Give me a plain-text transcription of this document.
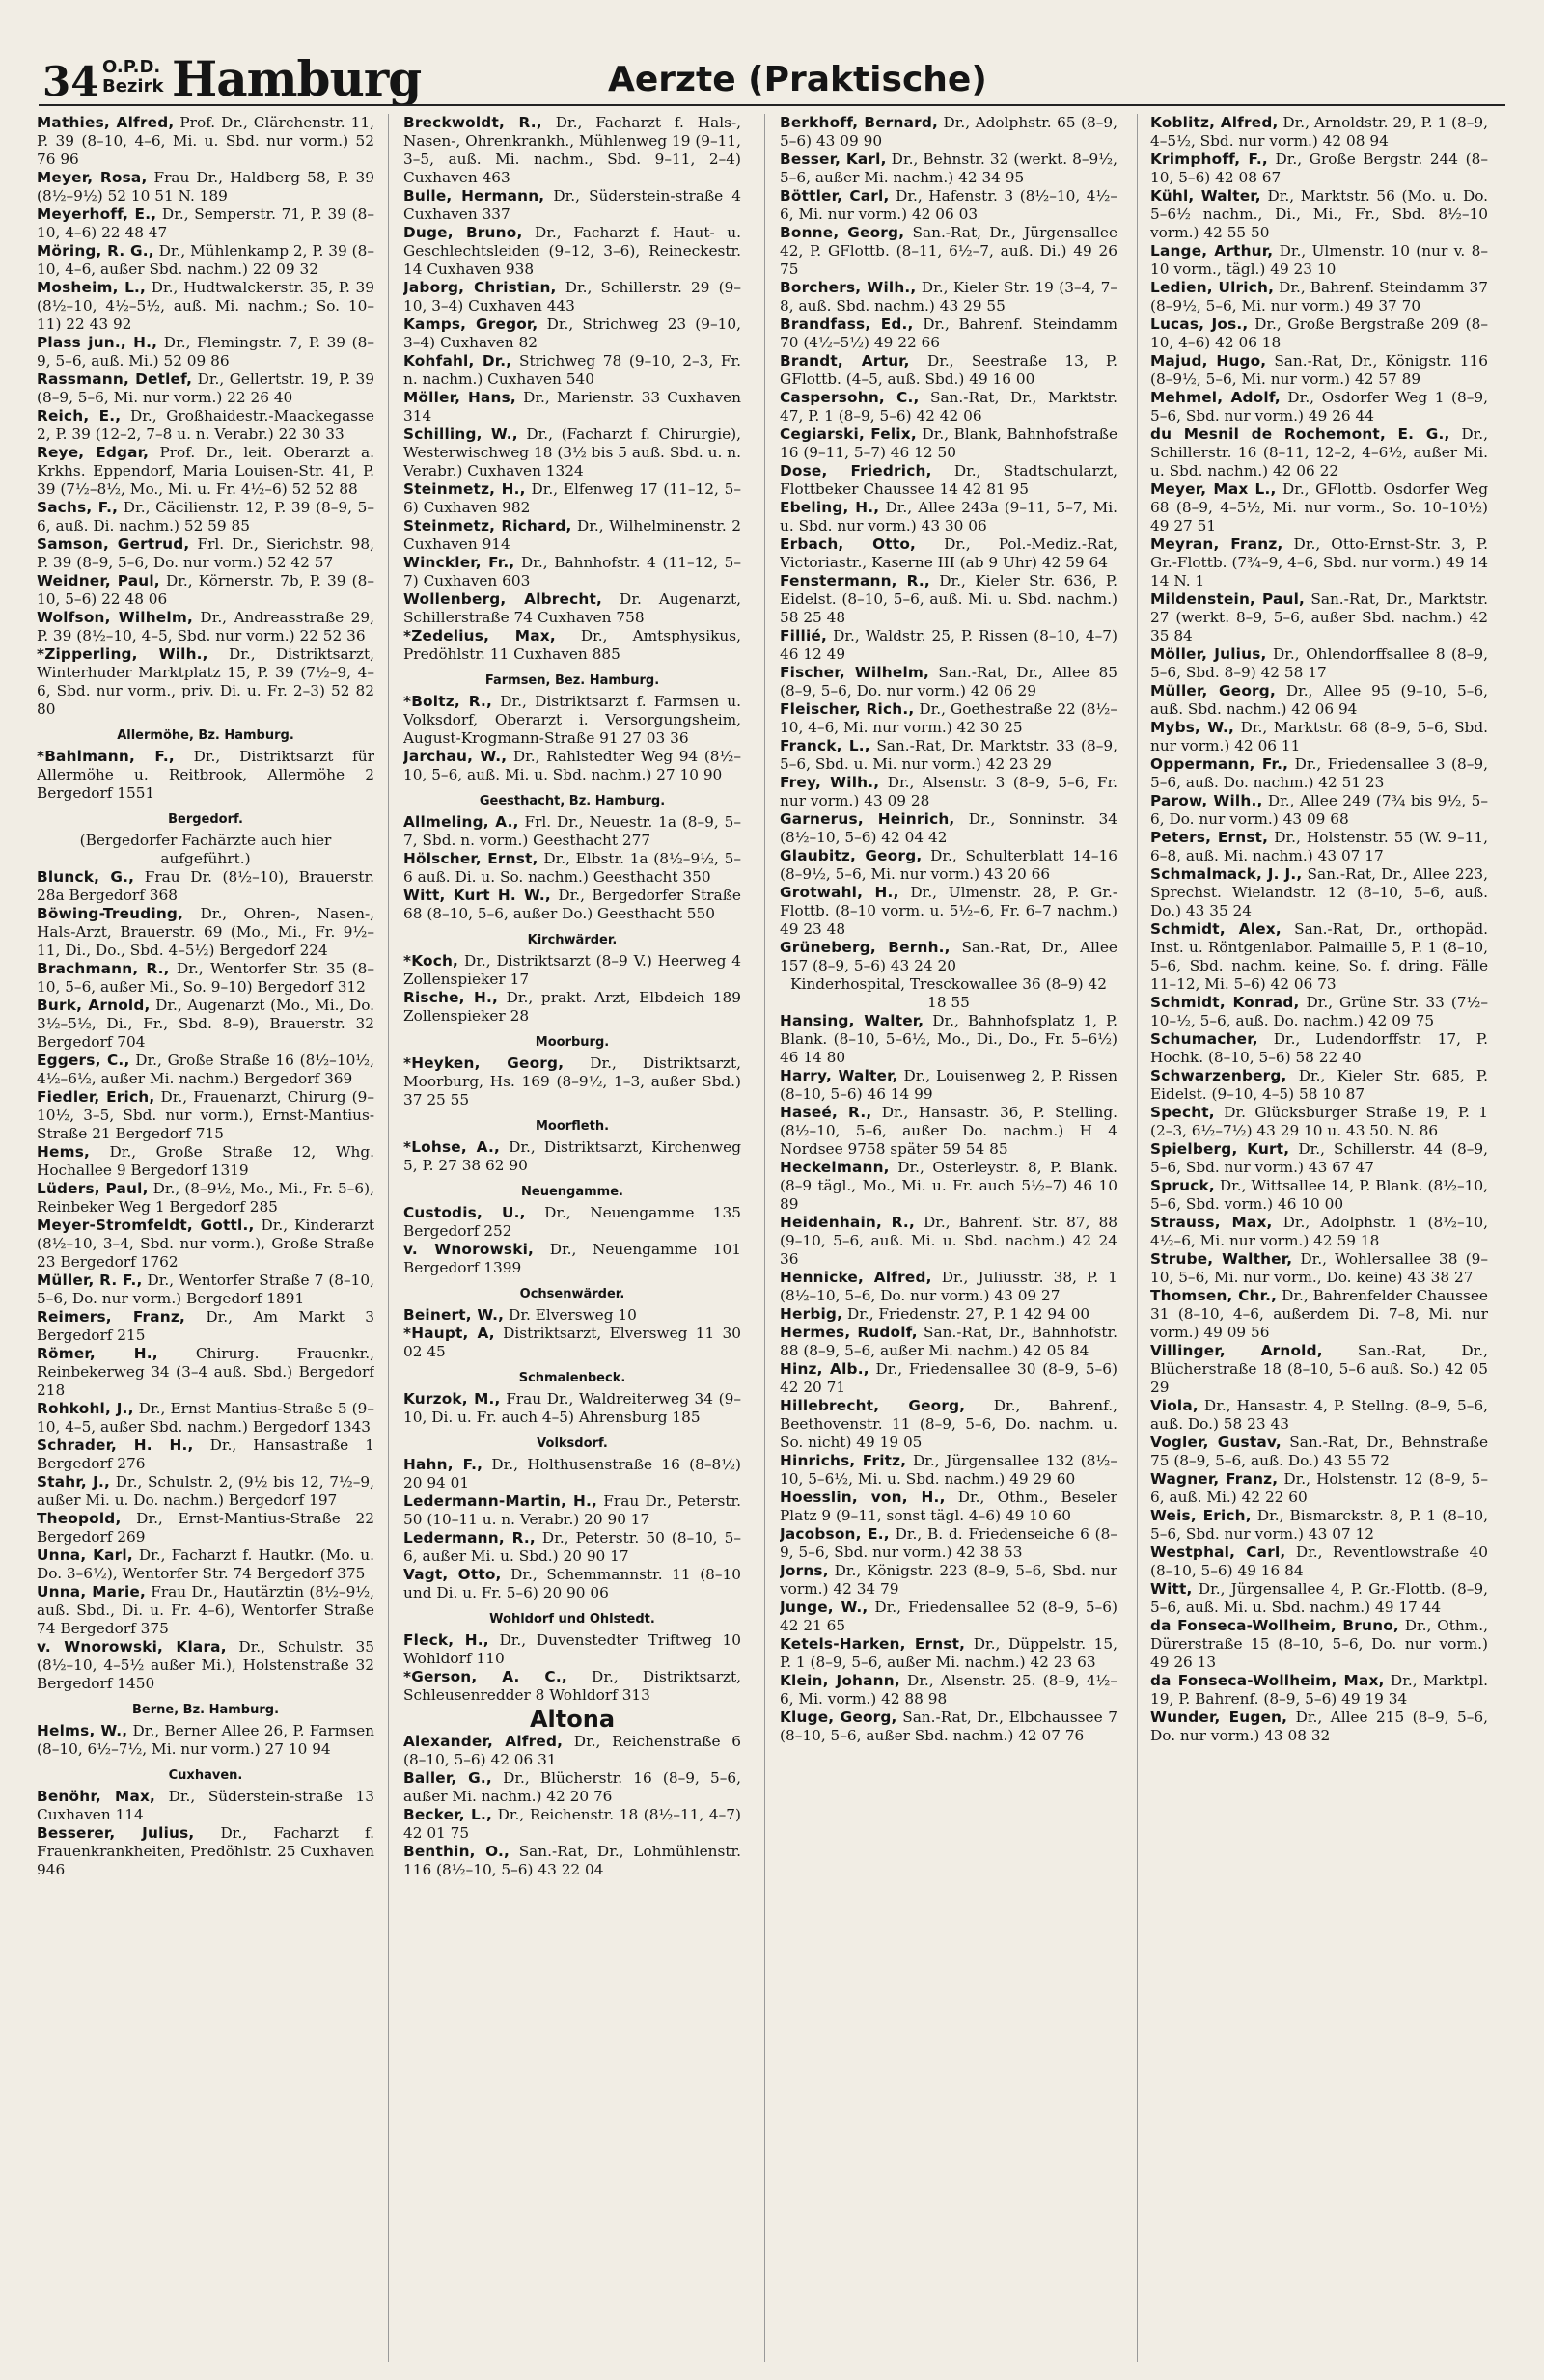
34 O.P.D.
Bezirk Hamburg	Aerzte (Praktische)

Mathies, Alfred, Prof. Dr., Clärchenstr. 11, P. 39 (8–10, 4–6, Mi. u. Sbd. nur vorm.) 52 76 96

Meyer, Rosa, Frau Dr., Haldberg 58, P. 39 (8½–9½) 52 10 51 N. 189

Meyerhoff, E., Dr., Semperstr. 71, P. 39 (8–10, 4–6) 22 48 47

Möring, R. G., Dr., Mühlenkamp 2, P. 39 (8–10, 4–6, außer Sbd. nachm.) 22 09 32

Mosheim, L., Dr., Hudtwalckerstr. 35, P. 39 (8½–10, 4½–5½, auß. Mi. nachm.; So. 10–11) 22 43 92

Plass jun., H., Dr., Flemingstr. 7, P. 39 (8–9, 5–6, auß. Mi.) 52 09 86

Rassmann, Detlef, Dr., Gellertstr. 19, P. 39 (8–9, 5–6, Mi. nur vorm.) 22 26 40

Reich, E., Dr., Großhaidestr.-Maackegasse 2, P. 39 (12–2, 7–8 u. n. Verabr.) 22 30 33

Reye, Edgar, Prof. Dr., leit. Oberarzt a. Krkhs. Eppendorf, Maria Louisen-Str. 41, P. 39 (7½–8½, Mo., Mi. u. Fr. 4½–6) 52 52 88

Sachs, F., Dr., Cäcilienstr. 12, P. 39 (8–9, 5–6, auß. Di. nachm.) 52 59 85

Samson, Gertrud, Frl. Dr., Sierichstr. 98, P. 39 (8–9, 5–6, Do. nur vorm.) 52 42 57

Weidner, Paul, Dr., Körnerstr. 7b, P. 39 (8–10, 5–6) 22 48 06

Wolfson, Wilhelm, Dr., Andreasstraße 29, P. 39 (8½–10, 4–5, Sbd. nur vorm.) 22 52 36

*Zipperling, Wilh., Dr., Distriktsarzt, Winterhuder Marktplatz 15, P. 39 (7½–9, 4–6, Sbd. nur vorm., priv. Di. u. Fr. 2–3) 52 82 80

Allermöhe, Bz. Hamburg.

*Bahlmann, F., Dr., Distriktsarzt für Allermöhe u. Reitbrook, Allermöhe 2 Bergedorf 1551

Bergedorf.
(Bergedorfer Fachärzte auch hier aufgeführt.)

Blunck, G., Frau Dr. (8½–10), Brauerstr. 28a Bergedorf 368

Böwing-Treuding, Dr., Ohren-, Nasen-, Hals-Arzt, Brauerstr. 69 (Mo., Mi., Fr. 9½–11, Di., Do., Sbd. 4–5½) Bergedorf 224

Brachmann, R., Dr., Wentorfer Str. 35 (8–10, 5–6, außer Mi., So. 9–10) Bergedorf 312

Burk, Arnold, Dr., Augenarzt (Mo., Mi., Do. 3½–5½, Di., Fr., Sbd. 8–9), Brauerstr. 32 Bergedorf 704

Eggers, C., Dr., Große Straße 16 (8½–10½, 4½–6½, außer Mi. nachm.) Bergedorf 369

Fiedler, Erich, Dr., Frauenarzt, Chirurg (9–10½, 3–5, Sbd. nur vorm.), Ernst-Mantius-Straße 21 Bergedorf 715

Hems, Dr., Große Straße 12, Whg. Hochallee 9 Bergedorf 1319

Lüders, Paul, Dr., (8–9½, Mo., Mi., Fr. 5–6), Reinbeker Weg 1 Bergedorf 285

Meyer-Stromfeldt, Gottl., Dr., Kinderarzt (8½–10, 3–4, Sbd. nur vorm.), Große Straße 23 Bergedorf 1762

Müller, R. F., Dr., Wentorfer Straße 7 (8–10, 5–6, Do. nur vorm.) Bergedorf 1891

Reimers, Franz, Dr., Am Markt 3 Bergedorf 215

Römer, H., Chirurg. Frauenkr., Reinbekerweg 34 (3–4 auß. Sbd.) Bergedorf 218

Rohkohl, J., Dr., Ernst Mantius-Straße 5 (9–10, 4–5, außer Sbd. nachm.) Bergedorf 1343

Schrader, H. H., Dr., Hansastraße 1 Bergedorf 276

Stahr, J., Dr., Schulstr. 2, (9½ bis 12, 7½–9, außer Mi. u. Do. nachm.) Bergedorf 197

Theopold, Dr., Ernst-Mantius-Straße 22 Bergedorf 269

Unna, Karl, Dr., Facharzt f. Hautkr. (Mo. u. Do. 3–6½), Wentorfer Str. 74 Bergedorf 375

Unna, Marie, Frau Dr., Hautärztin (8½–9½, auß. Sbd., Di. u. Fr. 4–6), Wentorfer Straße 74 Bergedorf 375

v. Wnorowski, Klara, Dr., Schulstr. 35 (8½–10, 4–5½ außer Mi.), Holstenstraße 32 Bergedorf 1450

Berne, Bz. Hamburg.

Helms, W., Dr., Berner Allee 26, P. Farmsen (8–10, 6½–7½, Mi. nur vorm.) 27 10 94

Cuxhaven.

Benöhr, Max, Dr., Süderstein-straße 13 Cuxhaven 114

Besserer, Julius, Dr., Facharzt f. Frauenkrankheiten, Predöhlstr. 25 Cuxhaven 946

Breckwoldt, R., Dr., Facharzt f. Hals-, Nasen-, Ohrenkrankh., Mühlenweg 19 (9–11, 3–5, auß. Mi. nachm., Sbd. 9–11, 2–4) Cuxhaven 463

Bulle, Hermann, Dr., Süderstein-straße 4 Cuxhaven 337

Duge, Bruno, Dr., Facharzt f. Haut- u. Geschlechtsleiden (9–12, 3–6), Reineckestr. 14 Cuxhaven 938

Jaborg, Christian, Dr., Schillerstr. 29 (9–10, 3–4) Cuxhaven 443

Kamps, Gregor, Dr., Strichweg 23 (9–10, 3–4) Cuxhaven 82

Kohfahl, Dr., Strichweg 78 (9–10, 2–3, Fr. n. nachm.) Cuxhaven 540

Möller, Hans, Dr., Marienstr. 33 Cuxhaven 314

Schilling, W., Dr., (Facharzt f. Chirurgie), Westerwischweg 18 (3½ bis 5 auß. Sbd. u. n. Verabr.) Cuxhaven 1324

Steinmetz, H., Dr., Elfenweg 17 (11–12, 5–6) Cuxhaven 982

Steinmetz, Richard, Dr., Wilhelminenstr. 2 Cuxhaven 914

Winckler, Fr., Dr., Bahnhofstr. 4 (11–12, 5–7) Cuxhaven 603

Wollenberg, Albrecht, Dr. Augenarzt, Schillerstraße 74 Cuxhaven 758

*Zedelius, Max, Dr., Amtsphysikus, Predöhlstr. 11 Cuxhaven 885

Farmsen, Bez. Hamburg.

*Boltz, R., Dr., Distriktsarzt f. Farmsen u. Volksdorf, Oberarzt i. Versorgungsheim, August-Krogmann-Straße 91 27 03 36

Jarchau, W., Dr., Rahlstedter Weg 94 (8½–10, 5–6, auß. Mi. u. Sbd. nachm.) 27 10 90

Geesthacht, Bz. Hamburg.

Allmeling, A., Frl. Dr., Neuestr. 1a (8–9, 5–7, Sbd. n. vorm.) Geesthacht 277

Hölscher, Ernst, Dr., Elbstr. 1a (8½–9½, 5–6 auß. Di. u. So. nachm.) Geesthacht 350

Witt, Kurt H. W., Dr., Bergedorfer Straße 68 (8–10, 5–6, außer Do.) Geesthacht 550

Kirchwärder.

*Koch, Dr., Distriktsarzt (8–9 V.) Heerweg 4 Zollenspieker 17

Rische, H., Dr., prakt. Arzt, Elbdeich 189 Zollenspieker 28

Moorburg.

*Heyken, Georg, Dr., Distriktsarzt, Moorburg, Hs. 169 (8–9½, 1–3, außer Sbd.) 37 25 55

Moorfleth.

*Lohse, A., Dr., Distriktsarzt, Kirchenweg 5, P. 27 38 62 90

Neuengamme.

Custodis, U., Dr., Neuengamme 135 Bergedorf 252

v. Wnorowski, Dr., Neuengamme 101 Bergedorf 1399

Ochsenwärder.

Beinert, W., Dr. Elversweg 10

*Haupt, A, Distriktsarzt, Elversweg 11 30 02 45

Schmalenbeck.

Kurzok, M., Frau Dr., Waldreiterweg 34 (9–10, Di. u. Fr. auch 4–5) Ahrensburg 185

Volksdorf.

Hahn, F., Dr., Holthusenstraße 16 (8–8½) 20 94 01

Ledermann-Martin, H., Frau Dr., Peterstr. 50 (10–11 u. n. Verabr.) 20 90 17

Ledermann, R., Dr., Peterstr. 50 (8–10, 5–6, außer Mi. u. Sbd.) 20 90 17

Vagt, Otto, Dr., Schemmannstr. 11 (8–10 und Di. u. Fr. 5–6) 20 90 06

Wohldorf und Ohlstedt.

Fleck, H., Dr., Duvenstedter Triftweg 10 Wohldorf 110

*Gerson, A. C., Dr., Distriktsarzt, Schleusenredder 8 Wohldorf 313

Altona

Alexander, Alfred, Dr., Reichenstraße 6 (8–10, 5–6) 42 06 31

Baller, G., Dr., Blücherstr. 16 (8–9, 5–6, außer Mi. nachm.) 42 20 76

Becker, L., Dr., Reichenstr. 18 (8½–11, 4–7) 42 01 75

Benthin, O., San.-Rat, Dr., Lohmühlenstr. 116 (8½–10, 5–6) 43 22 04

Berkhoff, Bernard, Dr., Adolphstr. 65 (8–9, 5–6) 43 09 90

Besser, Karl, Dr., Behnstr. 32 (werkt. 8–9½, 5–6, außer Mi. nachm.) 42 34 95

Böttler, Carl, Dr., Hafenstr. 3 (8½–10, 4½–6, Mi. nur vorm.) 42 06 03

Bonne, Georg, San.-Rat, Dr., Jürgensallee 42, P. GFlottb. (8–11, 6½–7, auß. Di.) 49 26 75

Borchers, Wilh., Dr., Kieler Str. 19 (3–4, 7–8, auß. Sbd. nachm.) 43 29 55

Brandfass, Ed., Dr., Bahrenf. Steindamm 70 (4½–5½) 49 22 66

Brandt, Artur, Dr., Seestraße 13, P. GFlottb. (4–5, auß. Sbd.) 49 16 00

Caspersohn, C., San.-Rat, Dr., Marktstr. 47, P. 1 (8–9, 5–6) 42 42 06

Cegiarski, Felix, Dr., Blank, Bahnhofstraße 16 (9–11, 5–7) 46 12 50

Dose, Friedrich, Dr., Stadtschularzt, Flottbeker Chaussee 14 42 81 95

Ebeling, H., Dr., Allee 243a (9–11, 5–7, Mi. u. Sbd. nur vorm.) 43 30 06

Erbach, Otto, Dr., Pol.-Mediz.-Rat, Victoriastr., Kaserne III (ab 9 Uhr) 42 59 64

Fenstermann, R., Dr., Kieler Str. 636, P. Eidelst. (8–10, 5–6, auß. Mi. u. Sbd. nachm.) 58 25 48

Fillié, Dr., Waldstr. 25, P. Rissen (8–10, 4–7) 46 12 49

Fischer, Wilhelm, San.-Rat, Dr., Allee 85 (8–9, 5–6, Do. nur vorm.) 42 06 29

Fleischer, Rich., Dr., Goethestraße 22 (8½–10, 4–6, Mi. nur vorm.) 42 30 25

Franck, L., San.-Rat, Dr. Marktstr. 33 (8–9, 5–6, Sbd. u. Mi. nur vorm.) 42 23 29

Frey, Wilh., Dr., Alsenstr. 3 (8–9, 5–6, Fr. nur vorm.) 43 09 28

Garnerus, Heinrich, Dr., Sonninstr. 34 (8½–10, 5–6) 42 04 42

Glaubitz, Georg, Dr., Schulterblatt 14–16 (8–9½, 5–6, Mi. nur vorm.) 43 20 66

Grotwahl, H., Dr., Ulmenstr. 28, P. Gr.-Flottb. (8–10 vorm. u. 5½–6, Fr. 6–7 nachm.) 49 23 48

Grüneberg, Bernh., San.-Rat, Dr., Allee 157 (8–9, 5–6) 43 24 20

Kinderhospital, Tresckowallee 36 (8–9) 42 18 55

Hansing, Walter, Dr., Bahnhofsplatz 1, P. Blank. (8–10, 5–6½, Mo., Di., Do., Fr. 5–6½) 46 14 80

Harry, Walter, Dr., Louisenweg 2, P. Rissen (8–10, 5–6) 46 14 99

Haseé, R., Dr., Hansastr. 36, P. Stelling. (8½–10, 5–6, außer Do. nachm.) H 4 Nordsee 9758 später 59 54 85

Heckelmann, Dr., Osterleystr. 8, P. Blank. (8–9 tägl., Mo., Mi. u. Fr. auch 5½–7) 46 10 89

Heidenhain, R., Dr., Bahrenf. Str. 87, 88 (9–10, 5–6, auß. Mi. u. Sbd. nachm.) 42 24 36

Hennicke, Alfred, Dr., Juliusstr. 38, P. 1 (8½–10, 5–6, Do. nur vorm.) 43 09 27

Herbig, Dr., Friedenstr. 27, P. 1 42 94 00

Hermes, Rudolf, San.-Rat, Dr., Bahnhofstr. 88 (8–9, 5–6, außer Mi. nachm.) 42 05 84

Hinz, Alb., Dr., Friedensallee 30 (8–9, 5–6) 42 20 71

Hillebrecht, Georg, Dr., Bahrenf., Beethovenstr. 11 (8–9, 5–6, Do. nachm. u. So. nicht) 49 19 05

Hinrichs, Fritz, Dr., Jürgensallee 132 (8½–10, 5–6½, Mi. u. Sbd. nachm.) 49 29 60

Hoesslin, von, H., Dr., Othm., Beseler Platz 9 (9–11, sonst tägl. 4–6) 49 10 60

Jacobson, E., Dr., B. d. Friedenseiche 6 (8–9, 5–6, Sbd. nur vorm.) 42 38 53

Jorns, Dr., Königstr. 223 (8–9, 5–6, Sbd. nur vorm.) 42 34 79

Junge, W., Dr., Friedensallee 52 (8–9, 5–6) 42 21 65

Ketels-Harken, Ernst, Dr., Düppelstr. 15, P. 1 (8–9, 5–6, außer Mi. nachm.) 42 23 63

Klein, Johann, Dr., Alsenstr. 25. (8–9, 4½–6, Mi. vorm.) 42 88 98

Kluge, Georg, San.-Rat, Dr., Elbchaussee 7 (8–10, 5–6, außer Sbd. nachm.) 42 07 76

Koblitz, Alfred, Dr., Arnoldstr. 29, P. 1 (8–9, 4–5½, Sbd. nur vorm.) 42 08 94

Krimphoff, F., Dr., Große Bergstr. 244 (8–10, 5–6) 42 08 67

Kühl, Walter, Dr., Marktstr. 56 (Mo. u. Do. 5–6½ nachm., Di., Mi., Fr., Sbd. 8½–10 vorm.) 42 55 50

Lange, Arthur, Dr., Ulmenstr. 10 (nur v. 8–10 vorm., tägl.) 49 23 10

Ledien, Ulrich, Dr., Bahrenf. Steindamm 37 (8–9½, 5–6, Mi. nur vorm.) 49 37 70

Lucas, Jos., Dr., Große Bergstraße 209 (8–10, 4–6) 42 06 18

Majud, Hugo, San.-Rat, Dr., Königstr. 116 (8–9½, 5–6, Mi. nur vorm.) 42 57 89

Mehmel, Adolf, Dr., Osdorfer Weg 1 (8–9, 5–6, Sbd. nur vorm.) 49 26 44

du Mesnil de Rochemont, E. G., Dr., Schillerstr. 16 (8–11, 12–2, 4–6½, außer Mi. u. Sbd. nachm.) 42 06 22

Meyer, Max L., Dr., GFlottb. Osdorfer Weg 68 (8–9, 4–5½, Mi. nur vorm., So. 10–10½) 49 27 51

Meyran, Franz, Dr., Otto-Ernst-Str. 3, P. Gr.-Flottb. (7¾–9, 4–6, Sbd. nur vorm.) 49 14 14 N. 1

Mildenstein, Paul, San.-Rat, Dr., Marktstr. 27 (werkt. 8–9, 5–6, außer Sbd. nachm.) 42 35 84

Möller, Julius, Dr., Ohlendorffsallee 8 (8–9, 5–6, Sbd. 8–9) 42 58 17

Müller, Georg, Dr., Allee 95 (9–10, 5–6, auß. Sbd. nachm.) 42 06 94

Mybs, W., Dr., Marktstr. 68 (8–9, 5–6, Sbd. nur vorm.) 42 06 11

Oppermann, Fr., Dr., Friedensallee 3 (8–9, 5–6, auß. Do. nachm.) 42 51 23

Parow, Wilh., Dr., Allee 249 (7¾ bis 9½, 5–6, Do. nur vorm.) 43 09 68

Peters, Ernst, Dr., Holstenstr. 55 (W. 9–11, 6–8, auß. Mi. nachm.) 43 07 17

Schmalmack, J. J., San.-Rat, Dr., Allee 223, Sprechst. Wielandstr. 12 (8–10, 5–6, auß. Do.) 43 35 24

Schmidt, Alex, San.-Rat, Dr., orthopäd. Inst. u. Röntgenlabor. Palmaille 5, P. 1 (8–10, 5–6, Sbd. nachm. keine, So. f. dring. Fälle 11–12, Mi. 5–6) 42 06 73

Schmidt, Konrad, Dr., Grüne Str. 33 (7½–10–½, 5–6, auß. Do. nachm.) 42 09 75

Schumacher, Dr., Ludendorffstr. 17, P. Hochk. (8–10, 5–6) 58 22 40

Schwarzenberg, Dr., Kieler Str. 685, P. Eidelst. (9–10, 4–5) 58 10 87

Specht, Dr. Glücksburger Straße 19, P. 1 (2–3, 6½–7½) 43 29 10 u. 43 50. N. 86

Spielberg, Kurt, Dr., Schillerstr. 44 (8–9, 5–6, Sbd. nur vorm.) 43 67 47

Spruck, Dr., Wittsallee 14, P. Blank. (8½–10, 5–6, Sbd. vorm.) 46 10 00

Strauss, Max, Dr., Adolphstr. 1 (8½–10, 4½–6, Mi. nur vorm.) 42 59 18

Strube, Walther, Dr., Wohlersallee 38 (9–10, 5–6, Mi. nur vorm., Do. keine) 43 38 27

Thomsen, Chr., Dr., Bahrenfelder Chaussee 31 (8–10, 4–6, außerdem Di. 7–8, Mi. nur vorm.) 49 09 56

Villinger, Arnold, San.-Rat, Dr., Blücherstraße 18 (8–10, 5–6 auß. So.) 42 05 29

Viola, Dr., Hansastr. 4, P. Stellng. (8–9, 5–6, auß. Do.) 58 23 43

Vogler, Gustav, San.-Rat, Dr., Behnstraße 75 (8–9, 5–6, auß. Do.) 43 55 72

Wagner, Franz, Dr., Holstenstr. 12 (8–9, 5–6, auß. Mi.) 42 22 60

Weis, Erich, Dr., Bismarckstr. 8, P. 1 (8–10, 5–6, Sbd. nur vorm.) 43 07 12

Westphal, Carl, Dr., Reventlowstraße 40 (8–10, 5–6) 49 16 84

Witt, Dr., Jürgensallee 4, P. Gr.-Flottb. (8–9, 5–6, auß. Mi. u. Sbd. nachm.) 49 17 44

da Fonseca-Wollheim, Bruno, Dr., Othm., Dürerstraße 15 (8–10, 5–6, Do. nur vorm.) 49 26 13

da Fonseca-Wollheim, Max, Dr., Marktpl. 19, P. Bahrenf. (8–9, 5–6) 49 19 34

Wunder, Eugen, Dr., Allee 215 (8–9, 5–6, Do. nur vorm.) 43 08 32
